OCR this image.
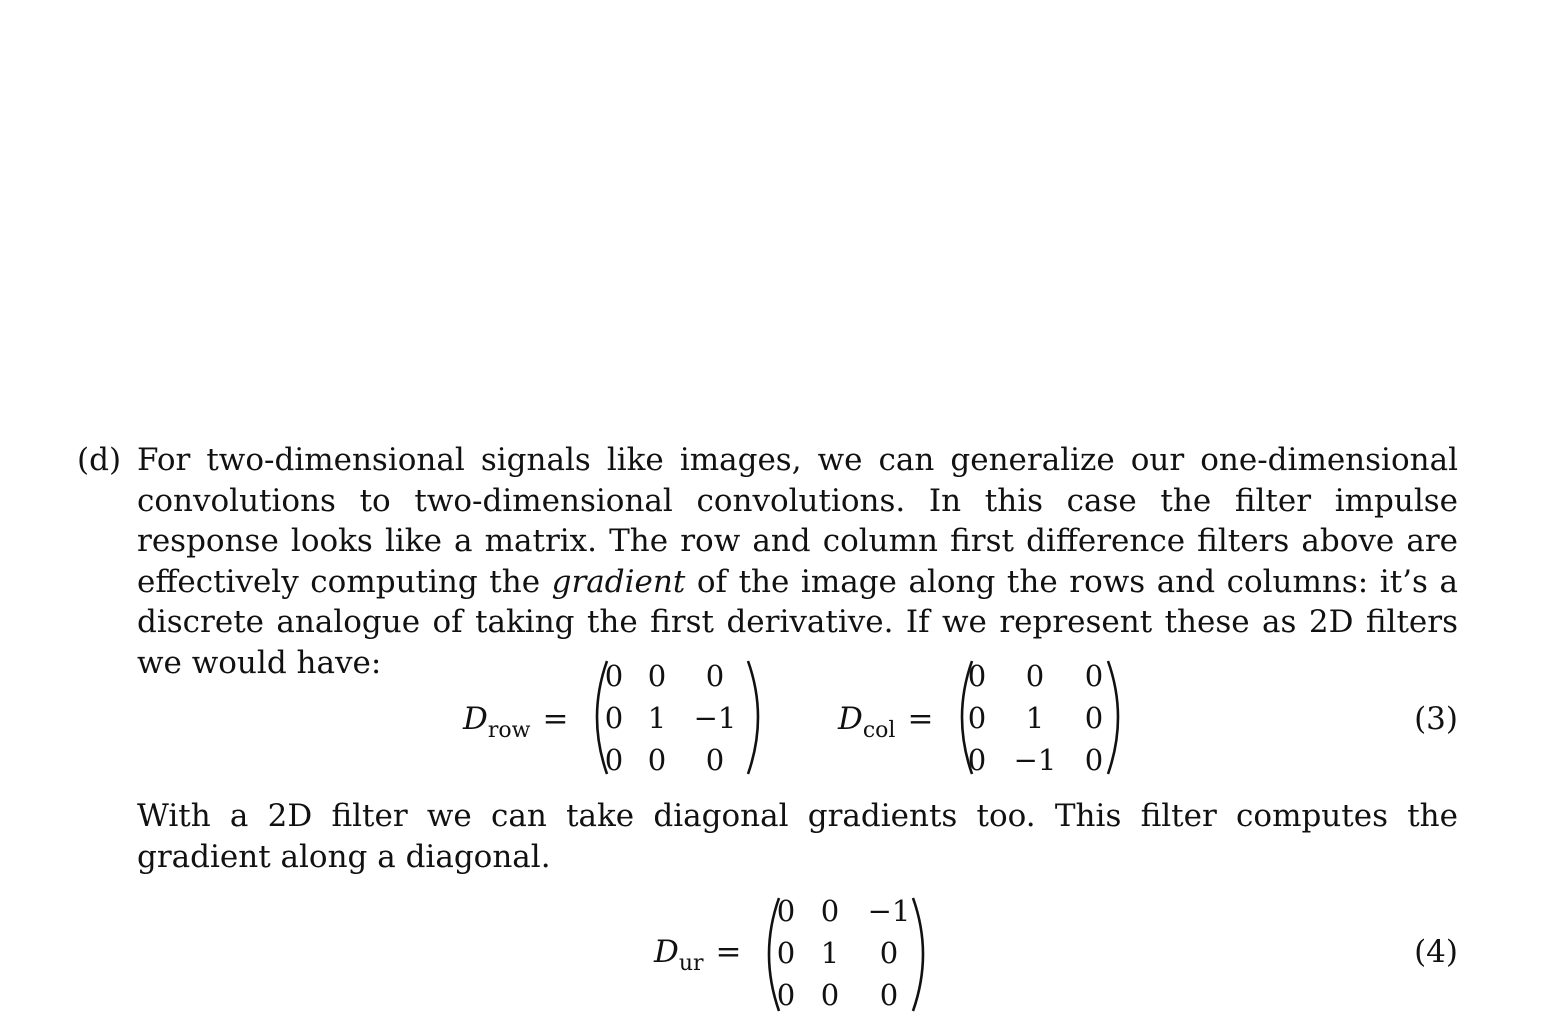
(d) For two-dimensional signals like images, we can generalize our one-dimensional convolutions to two-dimensional convolutions. In this case the filter impulse response looks like a matrix. The row and column first difference filters above are effectively computing the gradient of the image along the rows and columns: it’s a discrete analogue of taking the first derivative. If we represent these as 2D filters we would have:
$D_{row}$ =
0 0	0
0 1 −1
0 0	0
$D_{col}$ =
0	0	0
0	1	0
0 −1 0
(3)
With a 2D filter we can take diagonal gradients too. This filter computes the gradient along a diagonal.
$D_{ur}$ =
0 0 −1
0 1	0
0 0	0
(4)
